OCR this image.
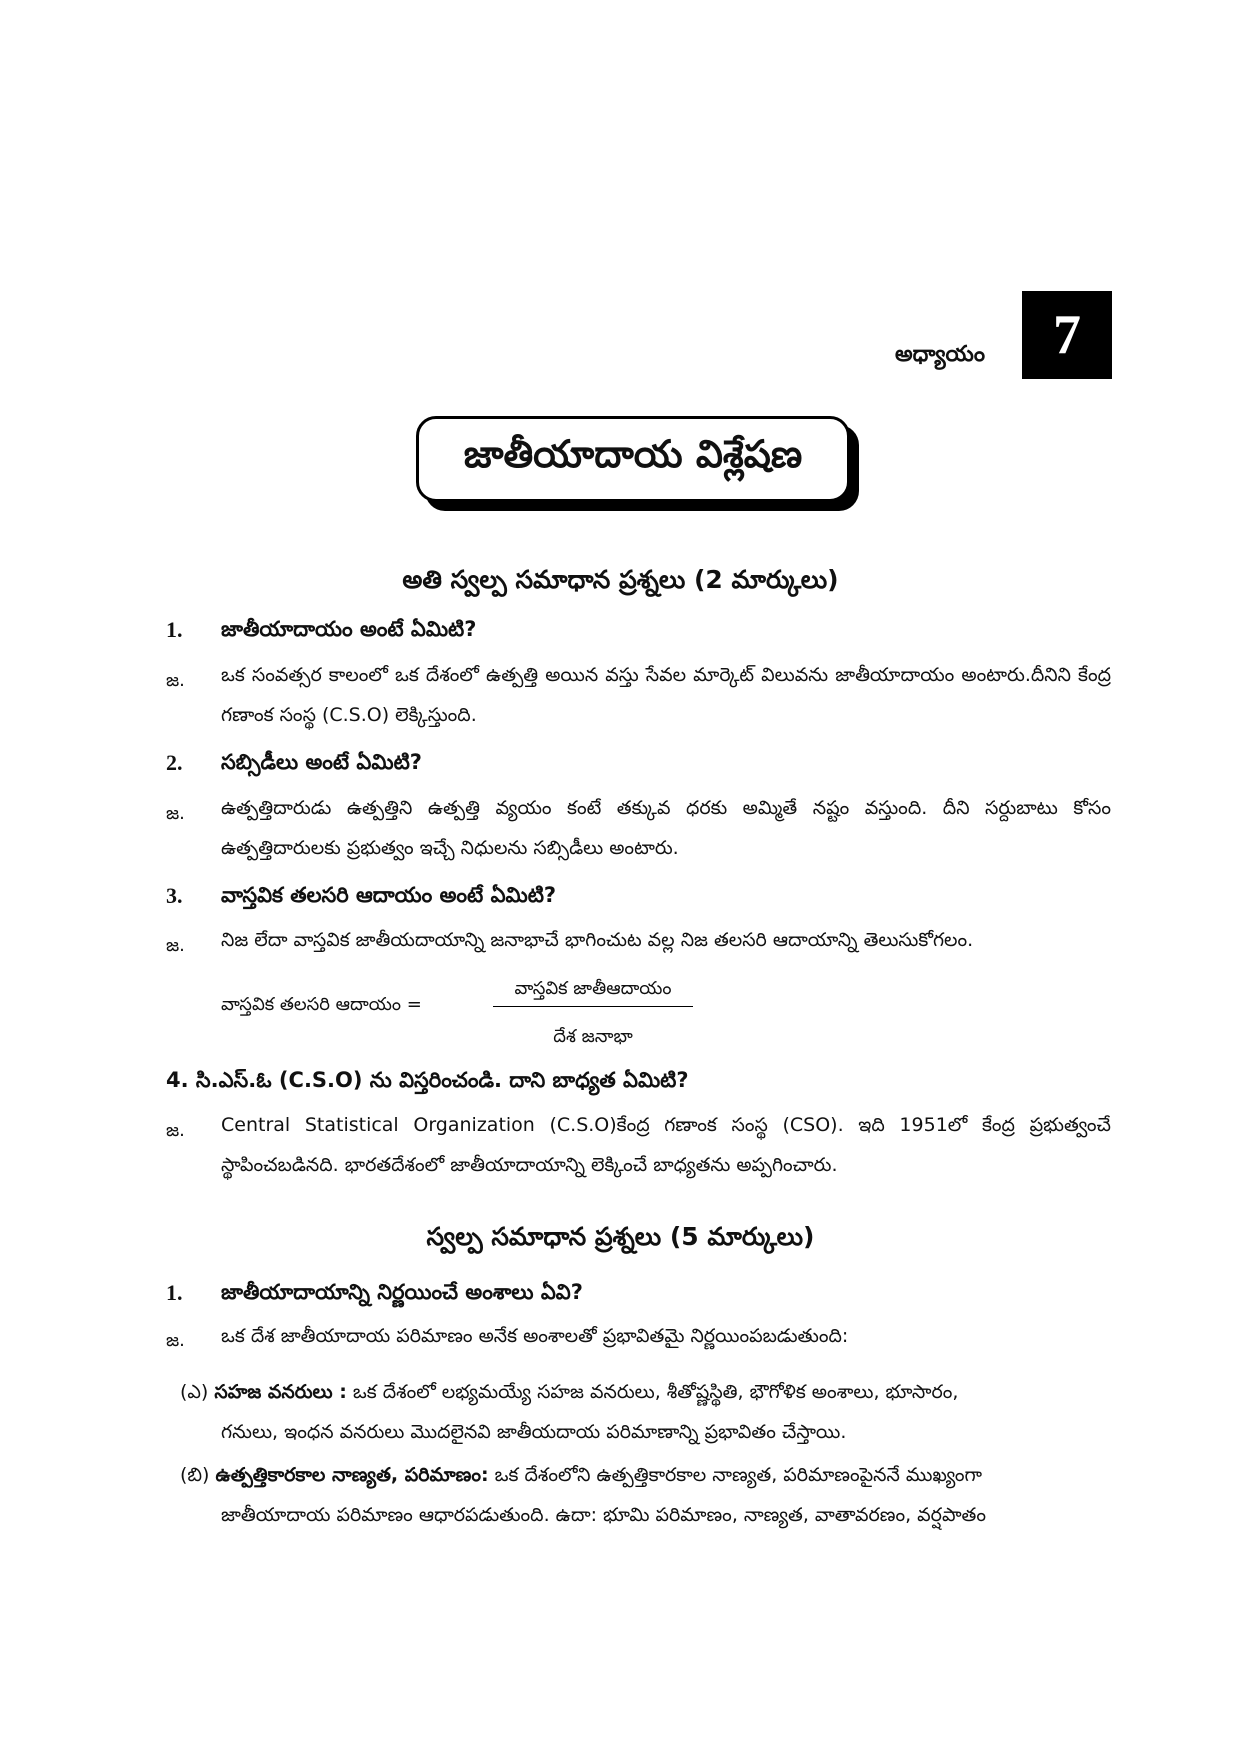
అధ్యాయం	7
జాతీయాదాయ విశ్లేషణ
అతి స్వల్ప సమాధాన ప్రశ్నలు (2 మార్కులు)
1. జాతీయాదాయం అంటే ఏమిటి?
జ. ఒక సంవత్సర కాలంలో ఒక దేశంలో ఉత్పత్తి అయిన వస్తు సేవల మార్కెట్ విలువను జాతీయాదాయం అంటారు.దీనిని కేంద్ర గణాంక సంస్థ (C.S.O) లెక్కిస్తుంది.
2. సబ్సిడీలు అంటే ఏమిటి?
జ. ఉత్పత్తిదారుడు ఉత్పత్తిని ఉత్పత్తి వ్యయం కంటే తక్కువ ధరకు అమ్మితే నష్టం వస్తుంది. దీని సర్దుబాటు కోసం ఉత్పత్తిదారులకు ప్రభుత్వం ఇచ్చే నిధులను సబ్సిడీలు అంటారు.
3. వాస్తవిక తలసరి ఆదాయం అంటే ఏమిటి?
జ. నిజ లేదా వాస్తవిక జాతీయదాయాన్ని జనాభాచే భాగించుట వల్ల నిజ తలసరి ఆదాయాన్ని తెలుసుకోగలం.
వాస్తవిక తలసరి ఆదాయం =
వాస్తవిక జాతీఆదాయం
దేశ జనాభా
4. సి.ఎస్.ఓ (C.S.O) ను విస్తరించండి. దాని బాధ్యత ఏమిటి?
జ. Central Statistical Organization (C.S.O)కేంద్ర గణాంక సంస్థ (CSO). ఇది 1951లో కేంద్ర ప్రభుత్వంచే స్థాపించబడినది. భారతదేశంలో జాతీయాదాయాన్ని లెక్కించే బాధ్యతను అప్పగించారు.
స్వల్ప సమాధాన ప్రశ్నలు (5 మార్కులు)
1. జాతీయాదాయాన్ని నిర్ణయించే అంశాలు ఏవి?
జ. ఒక దేశ జాతీయాదాయ పరిమాణం అనేక అంశాలతో ప్రభావితమై నిర్ణయింపబడుతుంది:
(ఎ) సహజ వనరులు : ఒక దేశంలో లభ్యమయ్యే సహజ వనరులు, శీతోష్ణస్థితి, భౌగోళిక అంశాలు, భూసారం,
గనులు, ఇంధన వనరులు మొదలైనవి జాతీయదాయ పరిమాణాన్ని ప్రభావితం చేస్తాయి.
(బి) ఉత్పత్తికారకాల నాణ్యత, పరిమాణం: ఒక దేశంలోని ఉత్పత్తికారకాల నాణ్యత, పరిమాణంపైననే ముఖ్యంగా
జాతీయాదాయ పరిమాణం ఆధారపడుతుంది. ఉదా: భూమి పరిమాణం, నాణ్యత, వాతావరణం, వర్షపాతం
